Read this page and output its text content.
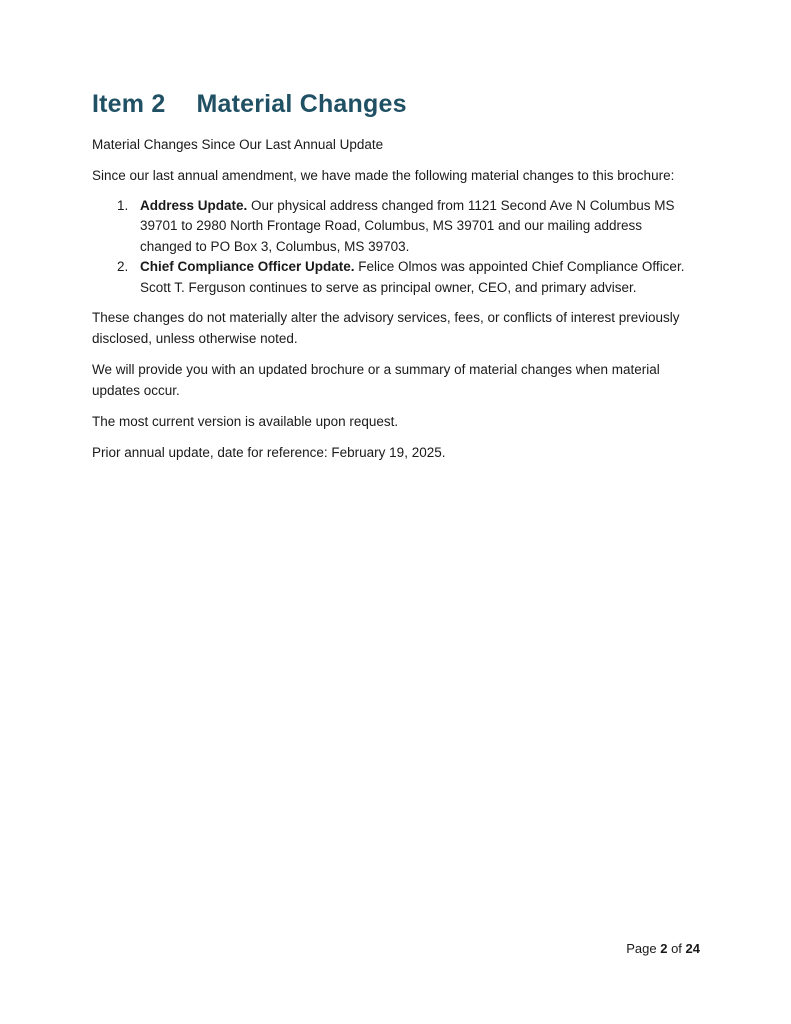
Item 2 Material Changes

Material Changes Since Our Last Annual Update

Since our last annual amendment, we have made the following material changes to this brochure:

1. Address Update. Our physical address changed from 1121 Second Ave N Columbus MS 39701 to 2980 North Frontage Road, Columbus, MS 39701 and our mailing address changed to PO Box 3, Columbus, MS 39703.
2. Chief Compliance Officer Update. Felice Olmos was appointed Chief Compliance Officer. Scott T. Ferguson continues to serve as principal owner, CEO, and primary adviser.

These changes do not materially alter the advisory services, fees, or conflicts of interest previously disclosed, unless otherwise noted.

We will provide you with an updated brochure or a summary of material changes when material updates occur.

The most current version is available upon request.

Prior annual update, date for reference: February 19, 2025.

Page 2 of 24
